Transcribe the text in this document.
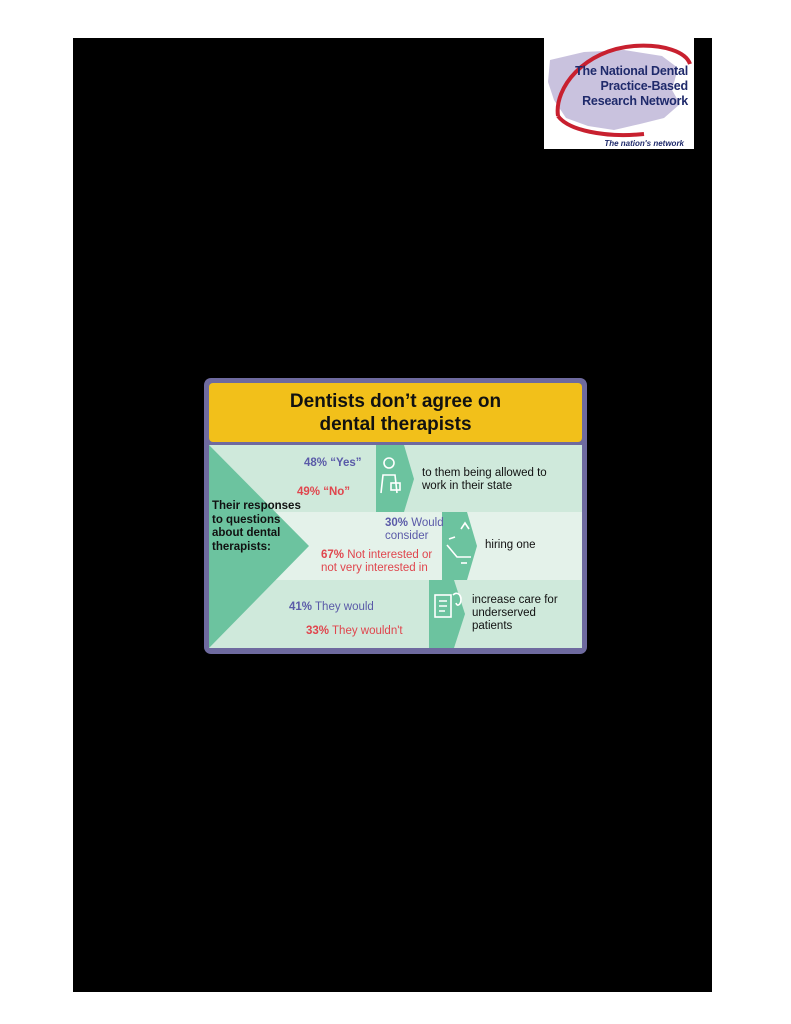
The National Dental
Practice-Based
Research Network
The nation's network
Dentists don’t agree on
dental therapists
Their responses to questions about dental therapists:
48% “Yes”
49% “No”
to them being allowed to
work in their state
30% Would
consider
67% Not interested or
not very interested in
hiring one
41% They would
33% They wouldn't
increase care for
underserved
patients
